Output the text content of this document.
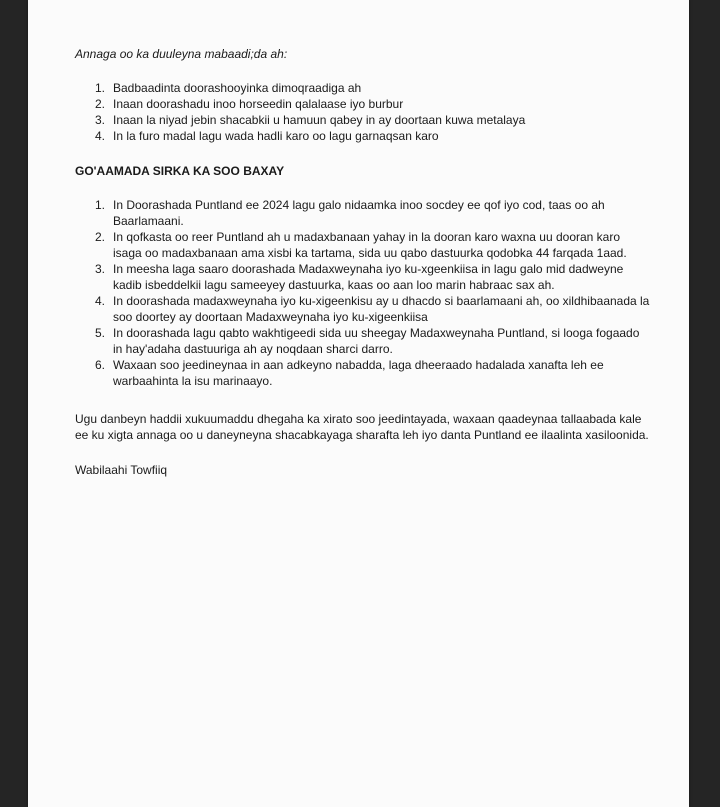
Annaga oo ka duuleyna mabaadi;da ah:

1. Badbaadinta doorashooyinka dimoqraadiga ah
2. Inaan doorashadu inoo horseedin qalalaase iyo burbur
3. Inaan la niyad jebin shacabkii u hamuun qabey in ay doortaan kuwa metalaya
4. In la furo madal lagu wada hadli karo oo lagu garnaqsan karo

GO'AAMADA SIRKA KA SOO BAXAY

1. In Doorashada Puntland ee 2024 lagu galo nidaamka inoo socdey ee qof iyo cod, taas oo ah Baarlamaani.
2. In qofkasta oo reer Puntland ah u madaxbanaan yahay in la dooran karo waxna uu dooran karo isaga oo madaxbanaan ama xisbi ka tartama, sida uu qabo dastuurka qodobka 44 farqada 1aad.
3. In meesha laga saaro doorashada Madaxweynaha iyo ku-xgeenkiisa in lagu galo mid dadweyne kadib isbeddelkii lagu sameeyey dastuurka, kaas oo aan loo marin habraac sax ah.
4. In doorashada madaxweynaha iyo ku-xigeenkisu ay u dhacdo si baarlamaani ah, oo xildhibaanada la soo doortey ay doortaan Madaxweynaha iyo ku-xigeenkiisa
5. In doorashada lagu qabto wakhtigeedi sida uu sheegay Madaxweynaha Puntland, si looga fogaado in hay'adaha dastuuriga ah ay noqdaan sharci darro.
6. Waxaan soo jeedineynaa in aan adkeyno nabadda, laga dheeraado hadalada xanafta leh ee warbaahinta la isu marinaayo.

Ugu danbeyn haddii xukuumaddu dhegaha ka xirato soo jeedintayada, waxaan qaadeynaa tallaabada kale ee ku xigta annaga oo u daneyneyna shacabkayaga sharafta leh iyo danta Puntland ee ilaalinta xasiloonida.

Wabilaahi Towfiiq
